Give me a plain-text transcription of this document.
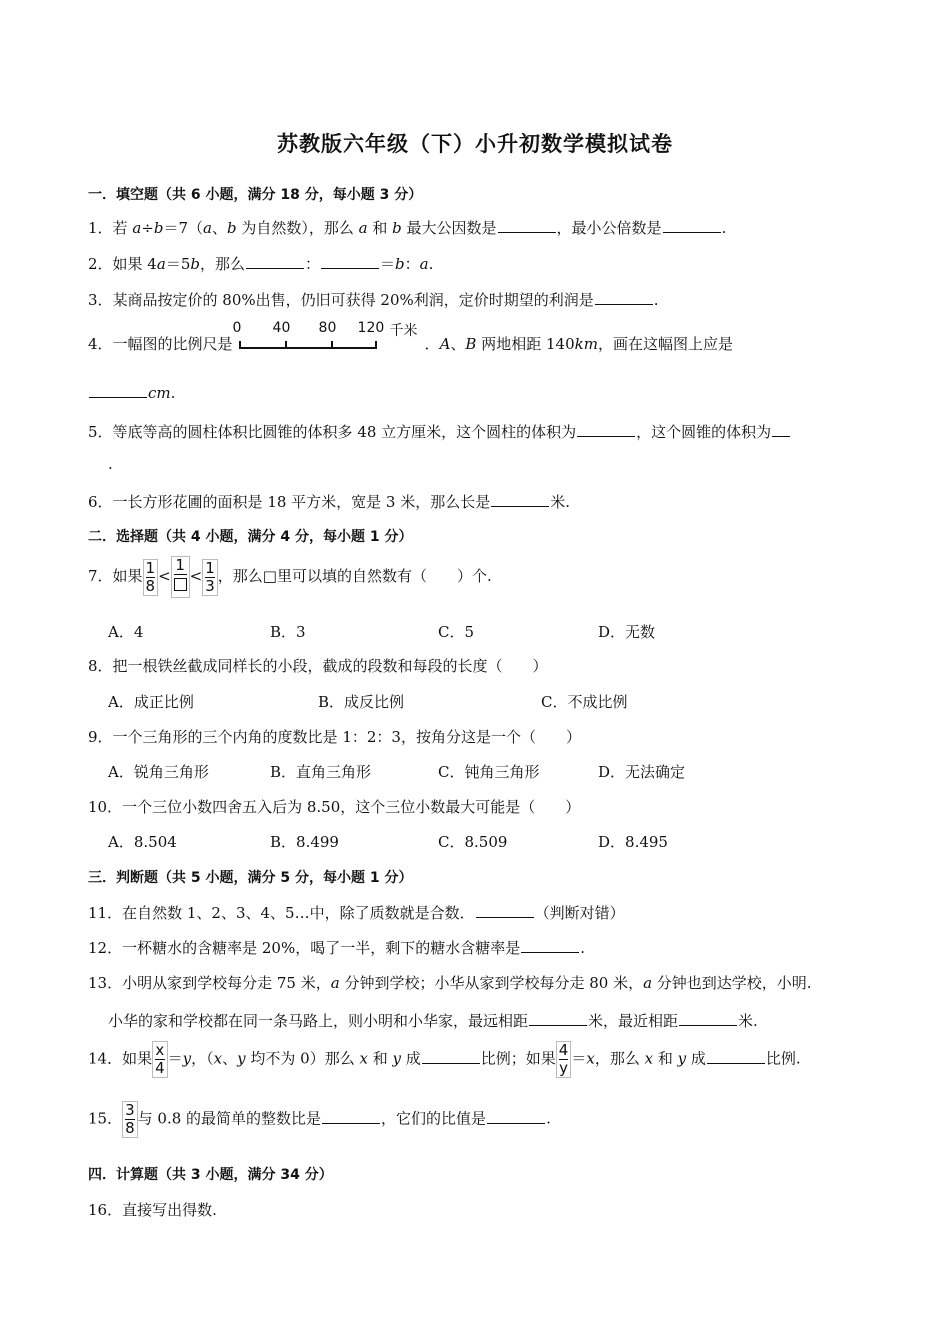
苏教版六年级（下）小升初数学模拟试卷
一．填空题（共 6 小题，满分 18 分，每小题 3 分）
1．若 a÷b＝7（a、b 为自然数），那么 a 和 b 最大公因数是	，最小公倍数是	.
2．如果 4a＝5b，那么	：	＝b：a.
3．某商品按定价的 80%出售，仍旧可获得 20%利润，定价时期望的利润是	.
4．一幅图的比例尺是
0 40 80 120 千米
．A、B 两地相距 140km，画在这幅图上应是
cm.
5．等底等高的圆柱体积比圆锥的体积多 48 立方厘米，这个圆柱的体积为	，这个圆锥的体积为
.
6．一长方形花圃的面积是 18 平方米，宽是 3 米，那么长是	米.
二．选择题（共 4 小题，满分 4 分，每小题 1 分）
7．如果 $\frac{1}{8}$ <
1
< $\frac{1}{3}$ ，那么□里可以填的自然数有（　　）个.
A．4	B．3	C．5	D．无数
8．把一根铁丝截成同样长的小段，截成的段数和每段的长度（　　）
A．成正比例	B．成反比例	C．不成比例
9．一个三角形的三个内角的度数比是 1：2：3，按角分这是一个（　　）
A．锐角三角形	B．直角三角形	C．钝角三角形	D．无法确定
10．一个三位小数四舍五入后为 8.50，这个三位小数最大可能是（　　）
A．8.504	B．8.499	C．8.509	D．8.495
三．判断题（共 5 小题，满分 5 分，每小题 1 分）
11．在自然数 1、2、3、4、5…中，除了质数就是合数．	（判断对错）
12．一杯糖水的含糖率是 20%，喝了一半，剩下的糖水含糖率是	.
13．小明从家到学校每分走 75 米，a 分钟到学校；小华从家到学校每分走 80 米，a 分钟也到达学校，小明.
小华的家和学校都在同一条马路上，则小明和小华家，最远相距	米，最近相距	米.
14．如果 $\frac{x}{4} =y$，（x、y 均不为 0）那么 x 和 y 成	比例；如果 $\frac{4}{y} =x$，那么 x 和 y 成	比例.
15． $\frac{3}{8}$ 与 0.8 的最简单的整数比是	，它们的比值是	.
四．计算题（共 3 小题，满分 34 分）
16．直接写出得数.
